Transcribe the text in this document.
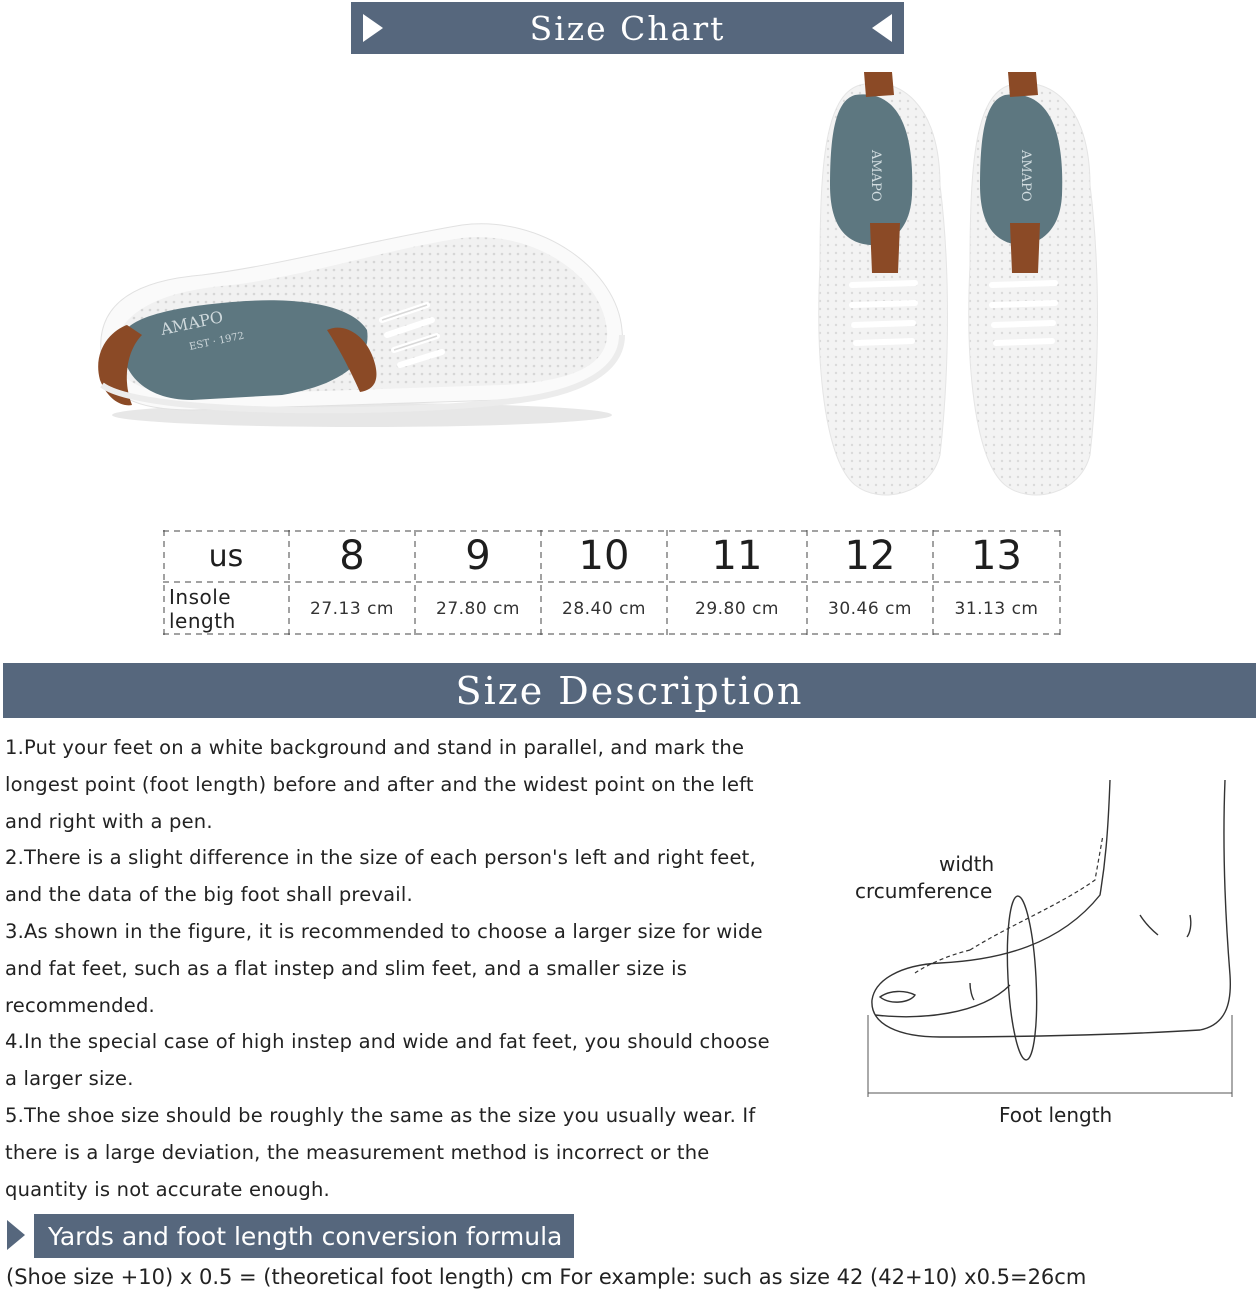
Size Chart
AMAPO
EST · 1972
AMAPO	AMAPO
us	8	9	10	11	12	13
Insole length	27.13 cm	27.80 cm	28.40 cm	29.80 cm	30.46 cm	31.13 cm
Size Description
1.Put your feet on a white background and stand in parallel, and mark the
longest point (foot length) before and after and the widest point on the left
and right with a pen.
2.There is a slight difference in the size of each person's left and right feet,
and the data of the big foot shall prevail.
3.As shown in the figure, it is recommended to choose a larger size for wide
and fat feet, such as a flat instep and slim feet, and a smaller size is
recommended.
4.In the special case of high instep and wide and fat feet, you should choose
a larger size.
5.The shoe size should be roughly the same as the size you usually wear. If
there is a large deviation, the measurement method is incorrect or the
quantity is not accurate enough.
width
crcumference
Foot length
Yards and foot length conversion formula
(Shoe size +10) x 0.5 = (theoretical foot length) cm For example: such as size 42 (42+10) x0.5=26cm
